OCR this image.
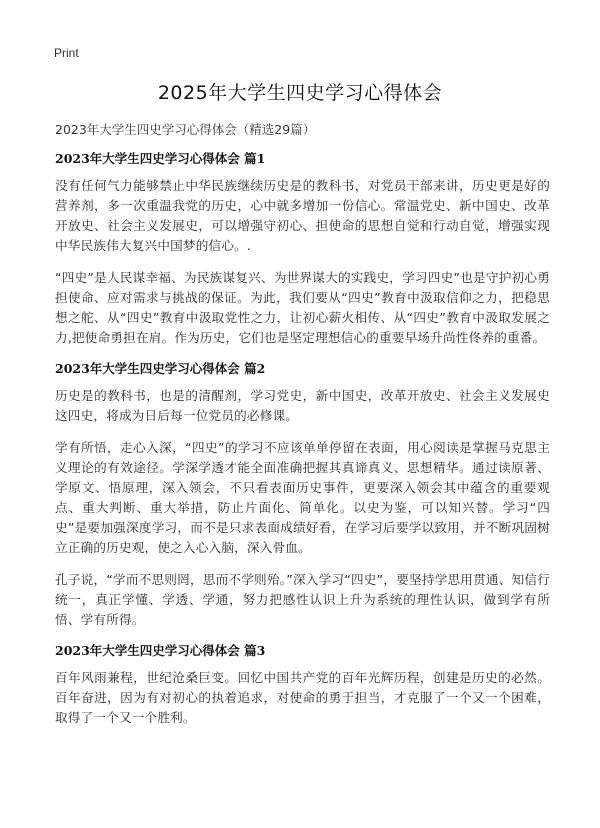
Print
2025年大学生四史学习心得体会

2023年大学生四史学习心得体会（精选29篇）

2023年大学生四史学习心得体会 篇1

没有任何气力能够禁止中华民族继续历史是的教科书，对党员干部来讲，历史更是好的营养剂，多一次重温我党的历史，心中就多增加一份信心。常温党史、新中国史、改革开放史、社会主义发展史，可以增强守初心、担使命的思想自觉和行动自觉，增强实现中华民族伟大复兴中国梦的信心。.

“四史”是人民谋幸福、为民族谋复兴、为世界谋大的实践史，学习四史”也是守护初心勇担使命、应对需求与挑战的保证。为此，我们要从“四史”教育中汲取信仰之力，把稳思想之舵、从“四史”教育中汲取党性之力，让初心薪火相传、从“四史”教育中汲取发展之力,把使命勇担在肩。作为历史，它们也是坚定理想信心的重要早场升尚性佟养的重番。

2023年大学生四史学习心得体会 篇2

历史是的教科书，也是的清醒剂，学习党史，新中国史，改革开放史、社会主义发展史这四史，将成为日后每一位党员的必修课。

学有所悟，走心入深，“四史”的学习不应该单单停留在表面，用心阅读是掌握马克思主义理论的有效途径。学深学透才能全面准确把握其真谛真义、思想精华。通过读原著、学原文、悟原理，深入领会，不只看表面历史事件，更要深入领会其中蕴含的重要观点、重大判断、重大举措，防止片面化、简单化。以史为鉴，可以知兴替。学习“四史”是要加强深度学习，而不是只求表面成绩好看，在学习后要学以致用，并不断巩固树立正确的历史观，使之入心入脑，深入骨血。

孔子说，“学而不思则罔，思而不学则殆。”深入学习“四史”，要坚持学思用贯通、知信行统一，真正学懂、学透、学通，努力把感性认识上升为系统的理性认识，做到学有所悟、学有所得。

2023年大学生四史学习心得体会 篇3

百年风雨兼程，世纪沧桑巨变。回忆中国共产党的百年光辉历程，创建是历史的必然。百年奋进，因为有对初心的执着追求，对使命的勇于担当，才克服了一个又一个困难，取得了一个又一个胜利。
